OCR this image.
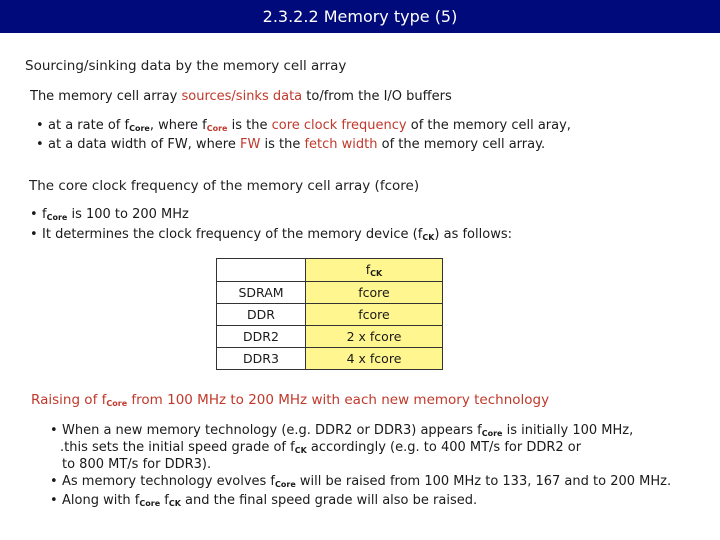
2.3.2.2 Memory type (5)
Sourcing/sinking data by the memory cell array
The memory cell array sources/sinks data to/from the I/O buffers
• at a rate of $f_{Core}$, where $f_{Core}$ is the core clock frequency of the memory cell aray,
• at a data width of FW, where FW is the fetch width of the memory cell array.
The core clock frequency of the memory cell array (fcore)
• $f_{Core}$ is 100 to 200 MHz
• It determines the clock frequency of the memory device $(f_{CK})$ as follows:
	$f_{CK}$
SDRAM	fcore
DDR	fcore
DDR2	2 x fcore
DDR3	4 x fcore
Raising of $f_{Core}$ from 100 MHz to 200 MHz with each new memory technology
• When a new memory technology (e.g. DDR2 or DDR3) appears $f_{Core}$ is initially 100 MHz,
.this sets the initial speed grade of $f_{CK}$ accordingly (e.g. to 400 MT/s for DDR2 or
to 800 MT/s for DDR3).
• As memory technology evolves $f_{Core}$ will be raised from 100 MHz to 133, 167 and to 200 MHz.
• Along with $f_{Core}$ $f_{CK}$ and the final speed grade will also be raised.
